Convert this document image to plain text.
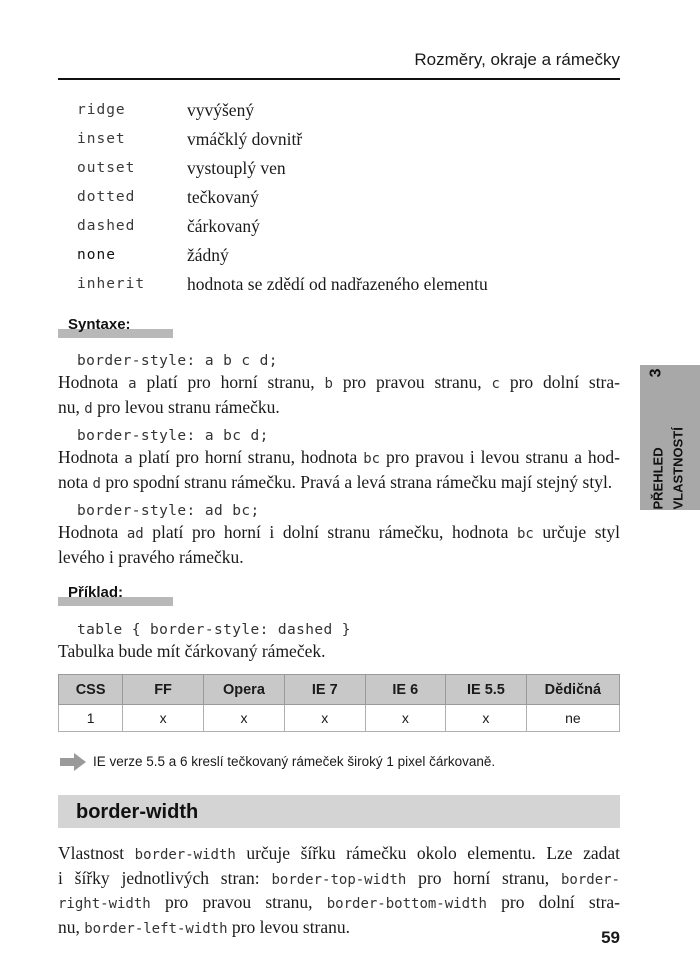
Rozměry, okraje a rámečky
ridge	vyvýšený
inset	vmáčklý dovnitř
outset	vystouplý ven
dotted	tečkovaný
dashed	čárkovaný
none	žádný
inherit hodnota se zdědí od nadřazeného elementu
Syntaxe:
border-style: a b c d;
Hodnota a platí pro horní stranu, b pro pravou stranu, c pro dolní stra-
nu, d pro levou stranu rámečku.
border-style: a bc d;
Hodnota a platí pro horní stranu, hodnota bc pro pravou i levou stranu a hod-
nota d pro spodní stranu rámečku. Pravá a levá strana rámečku mají stejný styl.
border-style: ad bc;
Hodnota ad platí pro horní i dolní stranu rámečku, hodnota bc určuje styl
levého i pravého rámečku.
Příklad:
table { border-style: dashed }
Tabulka bude mít čárkovaný rámeček.
CSS	FF	Opera	IE 7	IE 6	IE 5.5	Dědičná
1	x	x	x	x	x	ne
IE verze 5.5 a 6 kreslí tečkovaný rámeček široký 1 pixel čárkovaně.
border-width
Vlastnost border-width určuje šířku rámečku okolo elementu. Lze zadat
i šířky jednotlivých stran: border-top-width pro horní stranu, border-
right-width pro pravou stranu, border-bottom-width pro dolní stra-
nu, border-left-width pro levou stranu.
PŘEHLED
3
VLASTNOSTÍ
59
